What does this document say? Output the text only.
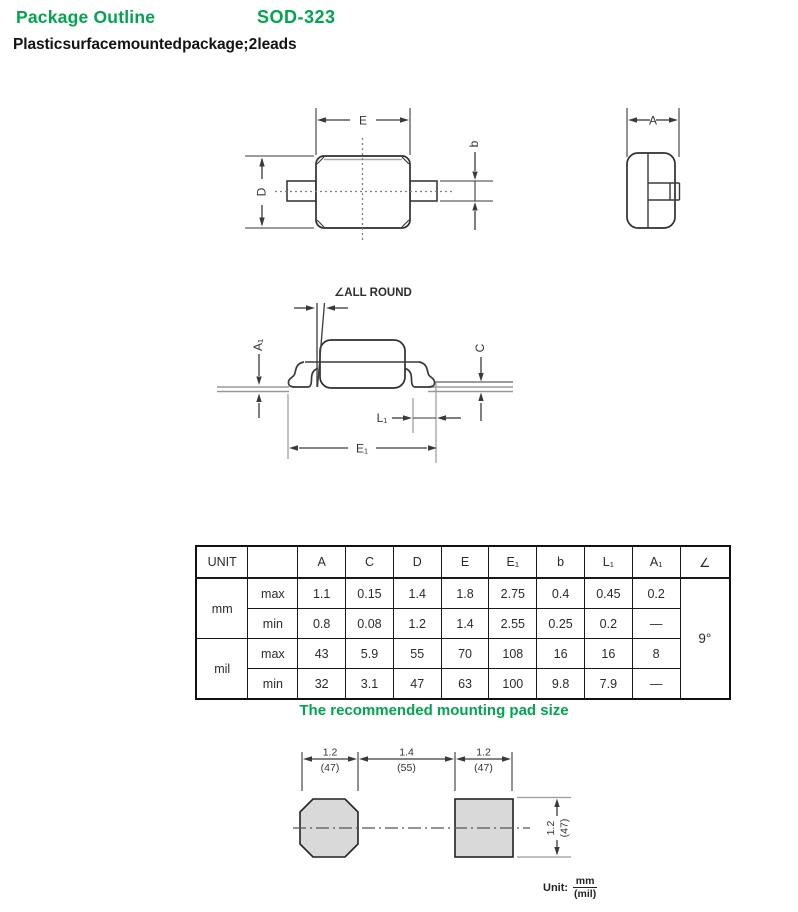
Package Outline	SOD-323
Plastic surface mounted package; 2 leads
E
D
b
A
∠ALL ROUND
A₁	C
L₁
E₁
UNIT		A	C	D	E	E₁	b	L₁	A₁	∠
mm	max	1.1	0.15	1.4	1.8	2.75	0.4	0.45	0.2	9°
	min	0.8	0.08	1.2	1.4	2.55	0.25	0.2	—	
mil	max	43	5.9	55	70	108	16	16	8	
	min	32	3.1	47	63	100	9.8	7.9	—	
The recommended mounting pad size
1.2
(47)
1.4
(55)
1.2
(47)
1.2 (47)
Unit: $\frac{mm}{\text{(mil)}}$
